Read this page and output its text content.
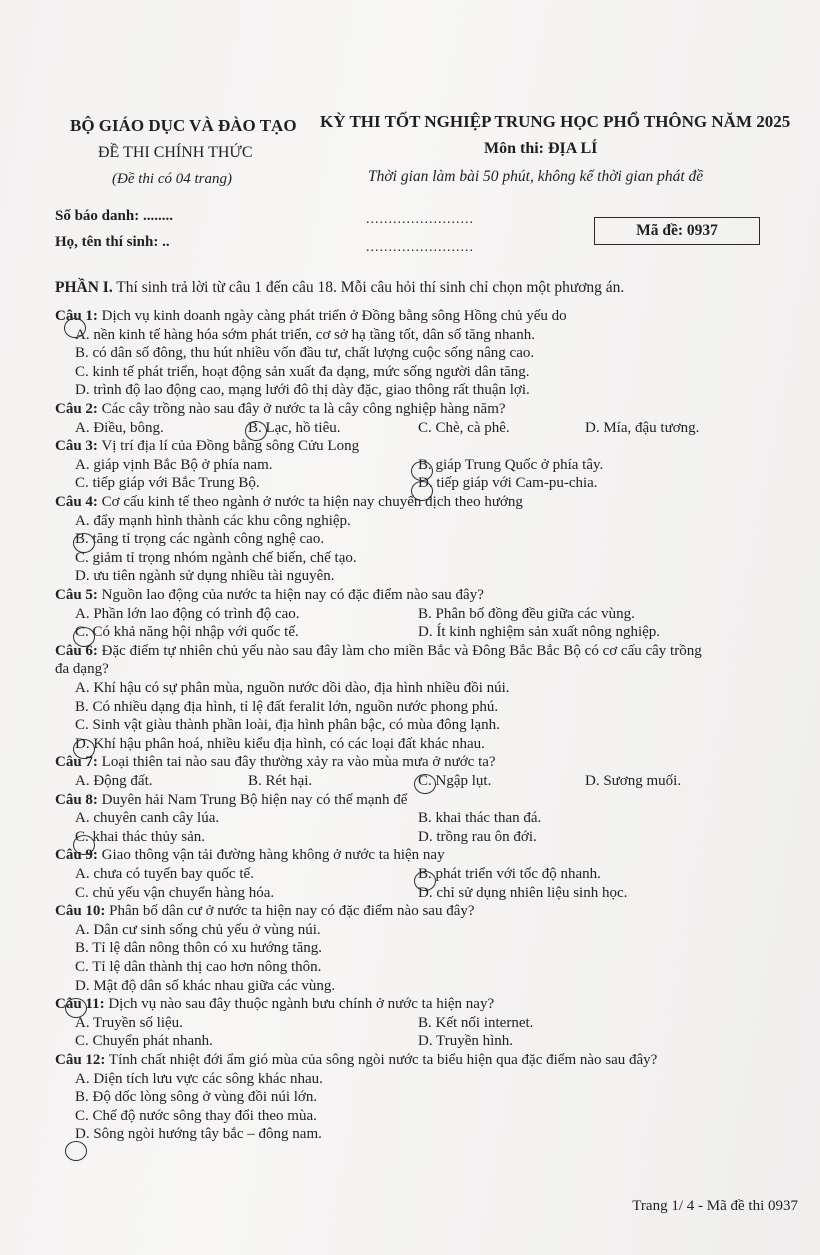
BỘ GIÁO DỤC VÀ ĐÀO TẠO
ĐỀ THI CHÍNH THỨC
(Đề thi có 04 trang)
KỲ THI TỐT NGHIỆP TRUNG HỌC PHỔ THÔNG NĂM 2025
Môn thi: ĐỊA LÍ
Thời gian làm bài 50 phút, không kể thời gian phát đề
Số báo danh: ........
Họ, tên thí sinh: ..
........................
........................
Mã đề: 0937
PHẦN I. Thí sinh trả lời từ câu 1 đến câu 18. Mỗi câu hỏi thí sinh chỉ chọn một phương án.
Câu 1: Dịch vụ kinh doanh ngày càng phát triển ở Đồng bằng sông Hồng chủ yếu do
A. nền kinh tế hàng hóa sớm phát triển, cơ sở hạ tầng tốt, dân số tăng nhanh.
B. có dân số đông, thu hút nhiều vốn đầu tư, chất lượng cuộc sống nâng cao.
C. kinh tế phát triển, hoạt động sản xuất đa dạng, mức sống người dân tăng.
D. trình độ lao động cao, mạng lưới đô thị dày đặc, giao thông rất thuận lợi.
Câu 2: Các cây trồng nào sau đây ở nước ta là cây công nghiệp hàng năm?
A. Điều, bông.	B. Lạc, hồ tiêu.	C. Chè, cà phê.	D. Mía, đậu tương.
Câu 3: Vị trí địa lí của Đồng bằng sông Cửu Long
A. giáp vịnh Bắc Bộ ở phía nam.	B. giáp Trung Quốc ở phía tây.
C. tiếp giáp với Bắc Trung Bộ.	D. tiếp giáp với Cam-pu-chia.
Câu 4: Cơ cấu kinh tế theo ngành ở nước ta hiện nay chuyển dịch theo hướng
A. đẩy mạnh hình thành các khu công nghiệp.
B. tăng tỉ trọng các ngành công nghệ cao.
C. giảm tỉ trọng nhóm ngành chế biến, chế tạo.
D. ưu tiên ngành sử dụng nhiều tài nguyên.
Câu 5: Nguồn lao động của nước ta hiện nay có đặc điểm nào sau đây?
A. Phần lớn lao động có trình độ cao.	B. Phân bố đồng đều giữa các vùng.
C. Có khả năng hội nhập với quốc tế.	D. Ít kinh nghiệm sản xuất nông nghiệp.
Câu 6: Đặc điểm tự nhiên chủ yếu nào sau đây làm cho miền Bắc và Đông Bắc Bắc Bộ có cơ cấu cây trồng
đa dạng?
A. Khí hậu có sự phân mùa, nguồn nước dồi dào, địa hình nhiều đồi núi.
B. Có nhiều dạng địa hình, tỉ lệ đất feralit lớn, nguồn nước phong phú.
C. Sinh vật giàu thành phần loài, địa hình phân bậc, có mùa đông lạnh.
D. Khí hậu phân hoá, nhiều kiểu địa hình, có các loại đất khác nhau.
Câu 7: Loại thiên tai nào sau đây thường xảy ra vào mùa mưa ở nước ta?
A. Động đất.	B. Rét hại.	C. Ngập lụt.	D. Sương muối.
Câu 8: Duyên hải Nam Trung Bộ hiện nay có thế mạnh để
A. chuyên canh cây lúa.	B. khai thác than đá.
C. khai thác thủy sản.	D. trồng rau ôn đới.
Câu 9: Giao thông vận tải đường hàng không ở nước ta hiện nay
A. chưa có tuyến bay quốc tế.	B. phát triển với tốc độ nhanh.
C. chủ yếu vận chuyển hàng hóa.	D. chỉ sử dụng nhiên liệu sinh học.
Câu 10: Phân bố dân cư ở nước ta hiện nay có đặc điểm nào sau đây?
A. Dân cư sinh sống chủ yếu ở vùng núi.
B. Tỉ lệ dân nông thôn có xu hướng tăng.
C. Tỉ lệ dân thành thị cao hơn nông thôn.
D. Mật độ dân số khác nhau giữa các vùng.
Câu 11: Dịch vụ nào sau đây thuộc ngành bưu chính ở nước ta hiện nay?
A. Truyền số liệu.	B. Kết nối internet.
C. Chuyển phát nhanh.	D. Truyền hình.
Câu 12: Tính chất nhiệt đới ẩm gió mùa của sông ngòi nước ta biểu hiện qua đặc điểm nào sau đây?
A. Diện tích lưu vực các sông khác nhau.
B. Độ dốc lòng sông ở vùng đồi núi lớn.
C. Chế độ nước sông thay đổi theo mùa.
D. Sông ngòi hướng tây bắc – đông nam.
Trang 1/ 4 - Mã đề thi 0937
